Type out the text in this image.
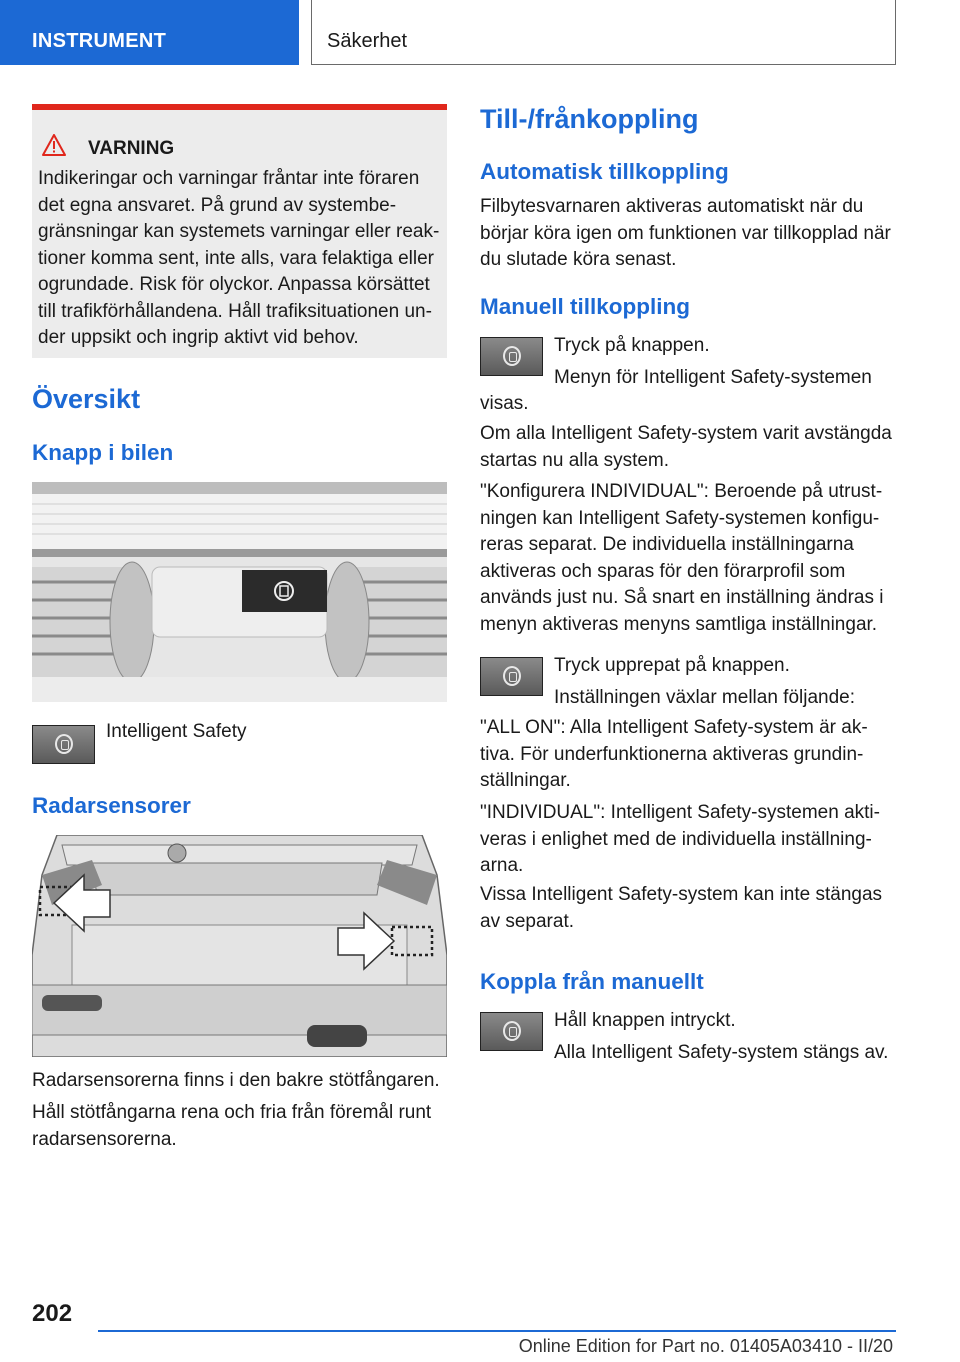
INSTRUMENT	Säkerhet
VARNING
Indikeringar och varningar fråntar inte föraren det egna ansvaret. På grund av systembegränsningar kan systemets varningar eller reaktioner komma sent, inte alls, vara felaktiga eller ogrundade. Risk för olyckor. Anpassa körsättet till trafikförhållandena. Håll trafiksituationen under uppsikt och ingrip aktivt vid behov.
Översikt
Knapp i bilen
Intelligent Safety
Radarsensorer
Radarsensorerna finns i den bakre stötfångaren.
Håll stötfångarna rena och fria från föremål runt radarsensorerna.
Till-/frånkoppling
Automatisk tillkoppling
Filbytesvarnaren aktiveras automatiskt när du börjar köra igen om funktionen var tillkopplad när du slutade köra senast.
Manuell tillkoppling
Tryck på knappen.
Menyn för Intelligent Safety-systemen
visas.
Om alla Intelligent Safety-system varit avstängda startas nu alla system.
"Konfigurera INDIVIDUAL": Beroende på utrustningen kan Intelligent Safety-systemen konfigureras separat. De individuella inställningarna aktiveras och sparas för den förarprofil som används just nu. Så snart en inställning ändras i menyn aktiveras menyns samtliga inställningar.
Tryck upprepat på knappen.
Inställningen växlar mellan följande:
"ALL ON": Alla Intelligent Safety-system är aktiva. För underfunktionerna aktiveras grundinställningar.
"INDIVIDUAL": Intelligent Safety-systemen aktiveras i enlighet med de individuella inställningarna.
Vissa Intelligent Safety-system kan inte stängas av separat.
Koppla från manuellt
Håll knappen intryckt.
Alla Intelligent Safety-system stängs av.
202
Online Edition for Part no. 01405A03410 - II/20
